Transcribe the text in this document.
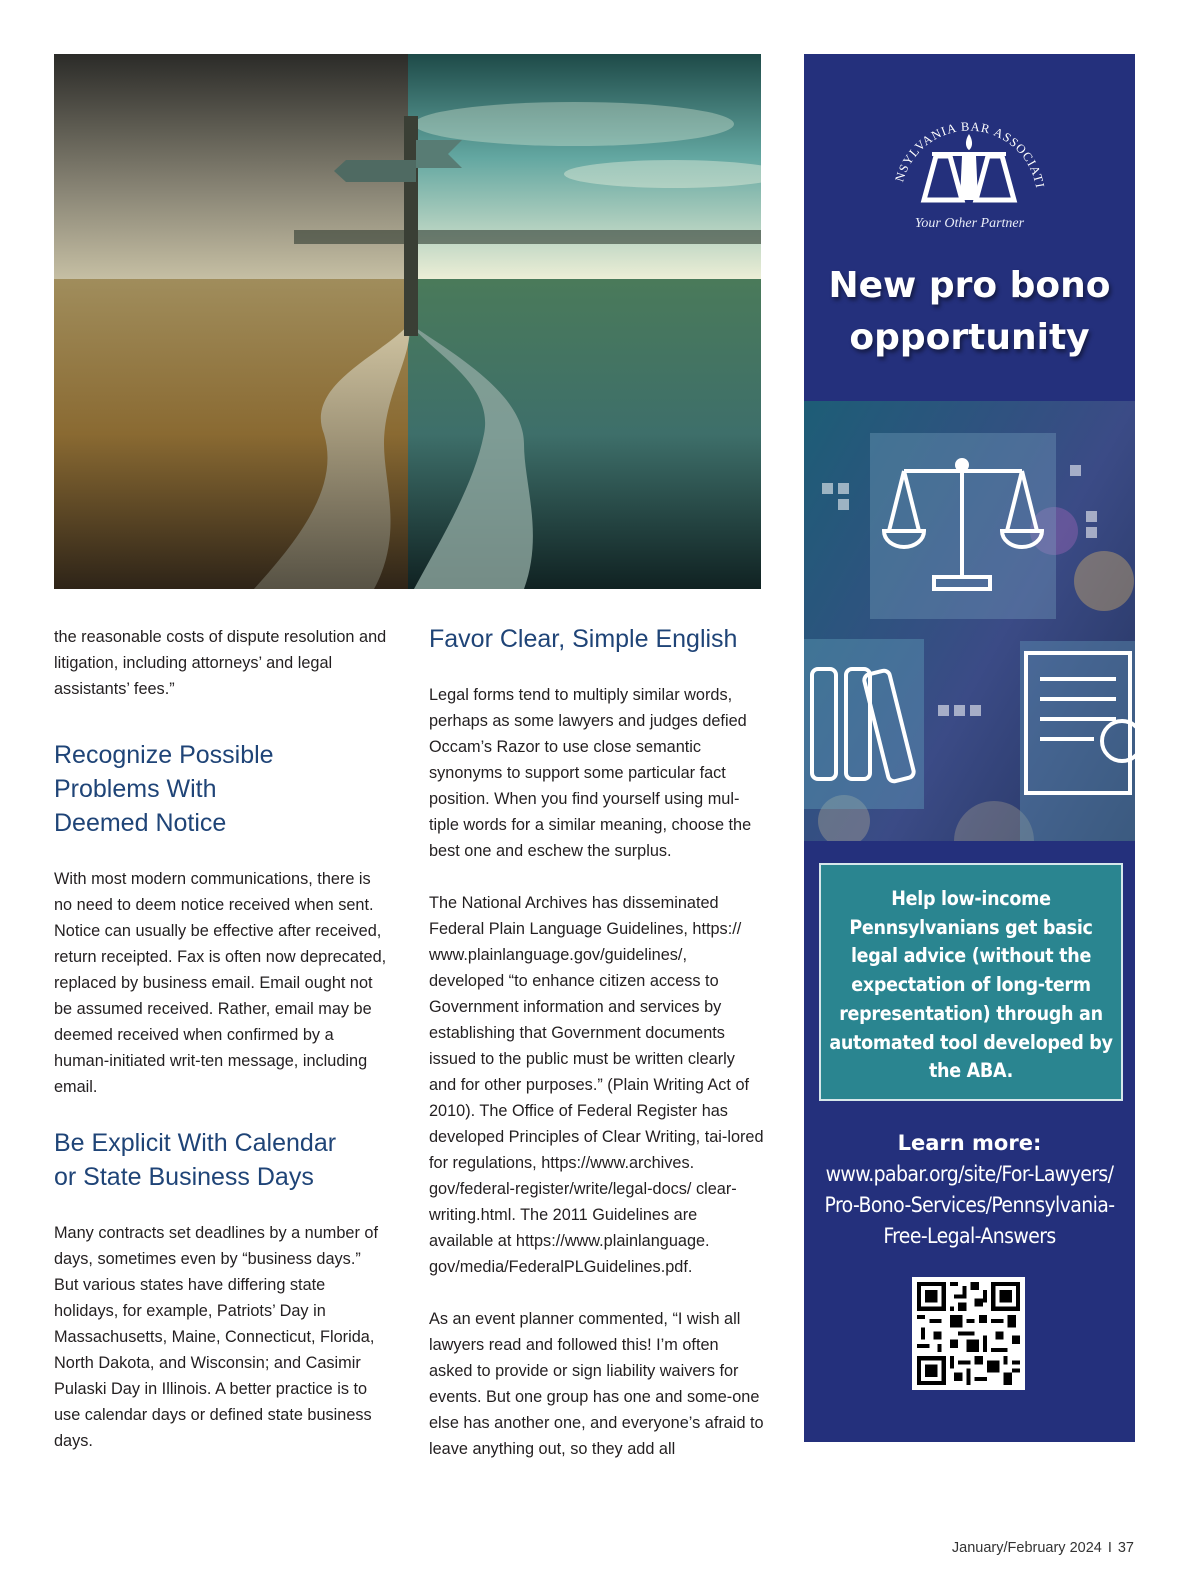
the reasonable costs of dispute resolution and litigation, including attorneys’ and legal assistants’ fees.”

Recognize Possible
Problems With
Deemed Notice

With most modern communications, there is no need to deem notice received when sent. Notice can usually be effective after received, return receipted. Fax is often now deprecated, replaced by business email. Email ought not be assumed received. Rather, email may be deemed received when confirmed by a human-initiated writ-ten message, including email.

Be Explicit With Calendar
or State Business Days

Many contracts set deadlines by a number of days, sometimes even by “business days.” But various states have differing state holidays, for example, Patriots’ Day in Massachusetts, Maine, Connecticut, Florida, North Dakota, and Wisconsin; and Casimir Pulaski Day in Illinois. A better practice is to use calendar days or defined state business days.

Favor Clear, Simple English

Legal forms tend to multiply similar words, perhaps as some lawyers and judges defied Occam’s Razor to use close semantic synonyms to support some particular fact position. When you find yourself using mul-tiple words for a similar meaning, choose the best one and eschew the surplus.

The National Archives has disseminated Federal Plain Language Guidelines, https:// www.plainlanguage.gov/guidelines/, developed “to enhance citizen access to Government information and services by establishing that Government documents issued to the public must be written clearly and for other purposes.” (Plain Writing Act of 2010). The Office of Federal Register has developed Principles of Clear Writing, tai-lored for regulations, https://www.archives. gov/federal-register/write/legal-docs/ clear-writing.html. The 2011 Guidelines are available at https://www.plainlanguage. gov/media/FederalPLGuidelines.pdf.

As an event planner commented, “I wish all lawyers read and followed this! I’m often asked to provide or sign liability waivers for events. But one group has one and some-one else has another one, and everyone’s afraid to leave anything out, so they add all

NSYLVANIA BAR ASSOCIATI
Your Other Partner
New pro bono
opportunity
Help low-income Pennsylvanians get basic legal advice (without the expectation of long-term representation) through an automated tool developed by the ABA.
Learn more:
www.pabar.org/site/For-Lawyers/
Pro-Bono-Services/Pennsylvania-
Free-Legal-Answers
January/February 2024 I 37
